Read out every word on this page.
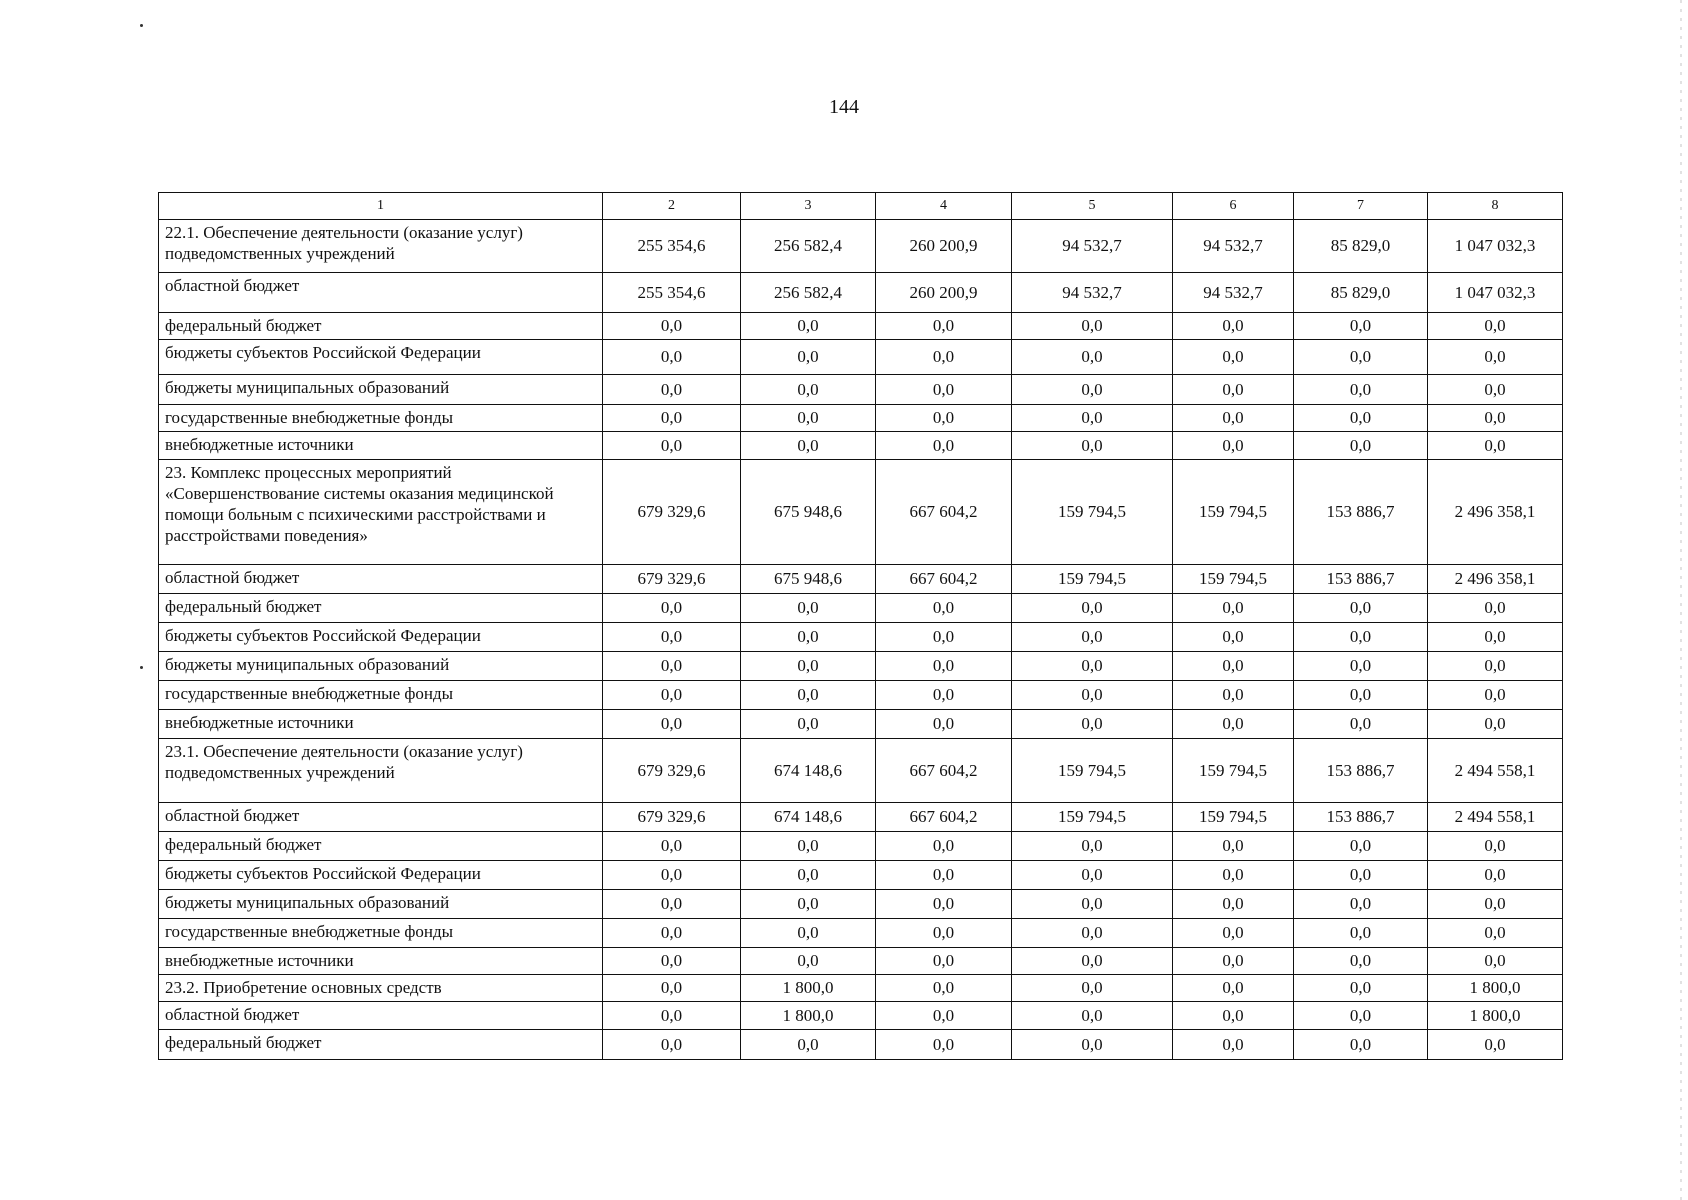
144
1	2	3	4	5	6	7	8
22.1. Обеспечение деятельности (оказание услуг) подведомственных учреждений	255 354,6	256 582,4	260 200,9	94 532,7	94 532,7	85 829,0	1 047 032,3
областной бюджет	255 354,6	256 582,4	260 200,9	94 532,7	94 532,7	85 829,0	1 047 032,3
федеральный бюджет	0,0	0,0	0,0	0,0	0,0	0,0	0,0
бюджеты субъектов Российской Федерации	0,0	0,0	0,0	0,0	0,0	0,0	0,0
бюджеты муниципальных образований	0,0	0,0	0,0	0,0	0,0	0,0	0,0
государственные внебюджетные фонды	0,0	0,0	0,0	0,0	0,0	0,0	0,0
внебюджетные источники	0,0	0,0	0,0	0,0	0,0	0,0	0,0
23. Комплекс процессных мероприятий «Совершенствование системы оказания медицинской помощи больным с психическими расстройствами и расстройствами поведения»	679 329,6	675 948,6	667 604,2	159 794,5	159 794,5	153 886,7	2 496 358,1
областной бюджет	679 329,6	675 948,6	667 604,2	159 794,5	159 794,5	153 886,7	2 496 358,1
федеральный бюджет	0,0	0,0	0,0	0,0	0,0	0,0	0,0
бюджеты субъектов Российской Федерации	0,0	0,0	0,0	0,0	0,0	0,0	0,0
бюджеты муниципальных образований	0,0	0,0	0,0	0,0	0,0	0,0	0,0
государственные внебюджетные фонды	0,0	0,0	0,0	0,0	0,0	0,0	0,0
внебюджетные источники	0,0	0,0	0,0	0,0	0,0	0,0	0,0
23.1. Обеспечение деятельности (оказание услуг) подведомственных учреждений	679 329,6	674 148,6	667 604,2	159 794,5	159 794,5	153 886,7	2 494 558,1
областной бюджет	679 329,6	674 148,6	667 604,2	159 794,5	159 794,5	153 886,7	2 494 558,1
федеральный бюджет	0,0	0,0	0,0	0,0	0,0	0,0	0,0
бюджеты субъектов Российской Федерации	0,0	0,0	0,0	0,0	0,0	0,0	0,0
бюджеты муниципальных образований	0,0	0,0	0,0	0,0	0,0	0,0	0,0
государственные внебюджетные фонды	0,0	0,0	0,0	0,0	0,0	0,0	0,0
внебюджетные источники	0,0	0,0	0,0	0,0	0,0	0,0	0,0
23.2. Приобретение основных средств	0,0	1 800,0	0,0	0,0	0,0	0,0	1 800,0
областной бюджет	0,0	1 800,0	0,0	0,0	0,0	0,0	1 800,0
федеральный бюджет	0,0	0,0	0,0	0,0	0,0	0,0	0,0
